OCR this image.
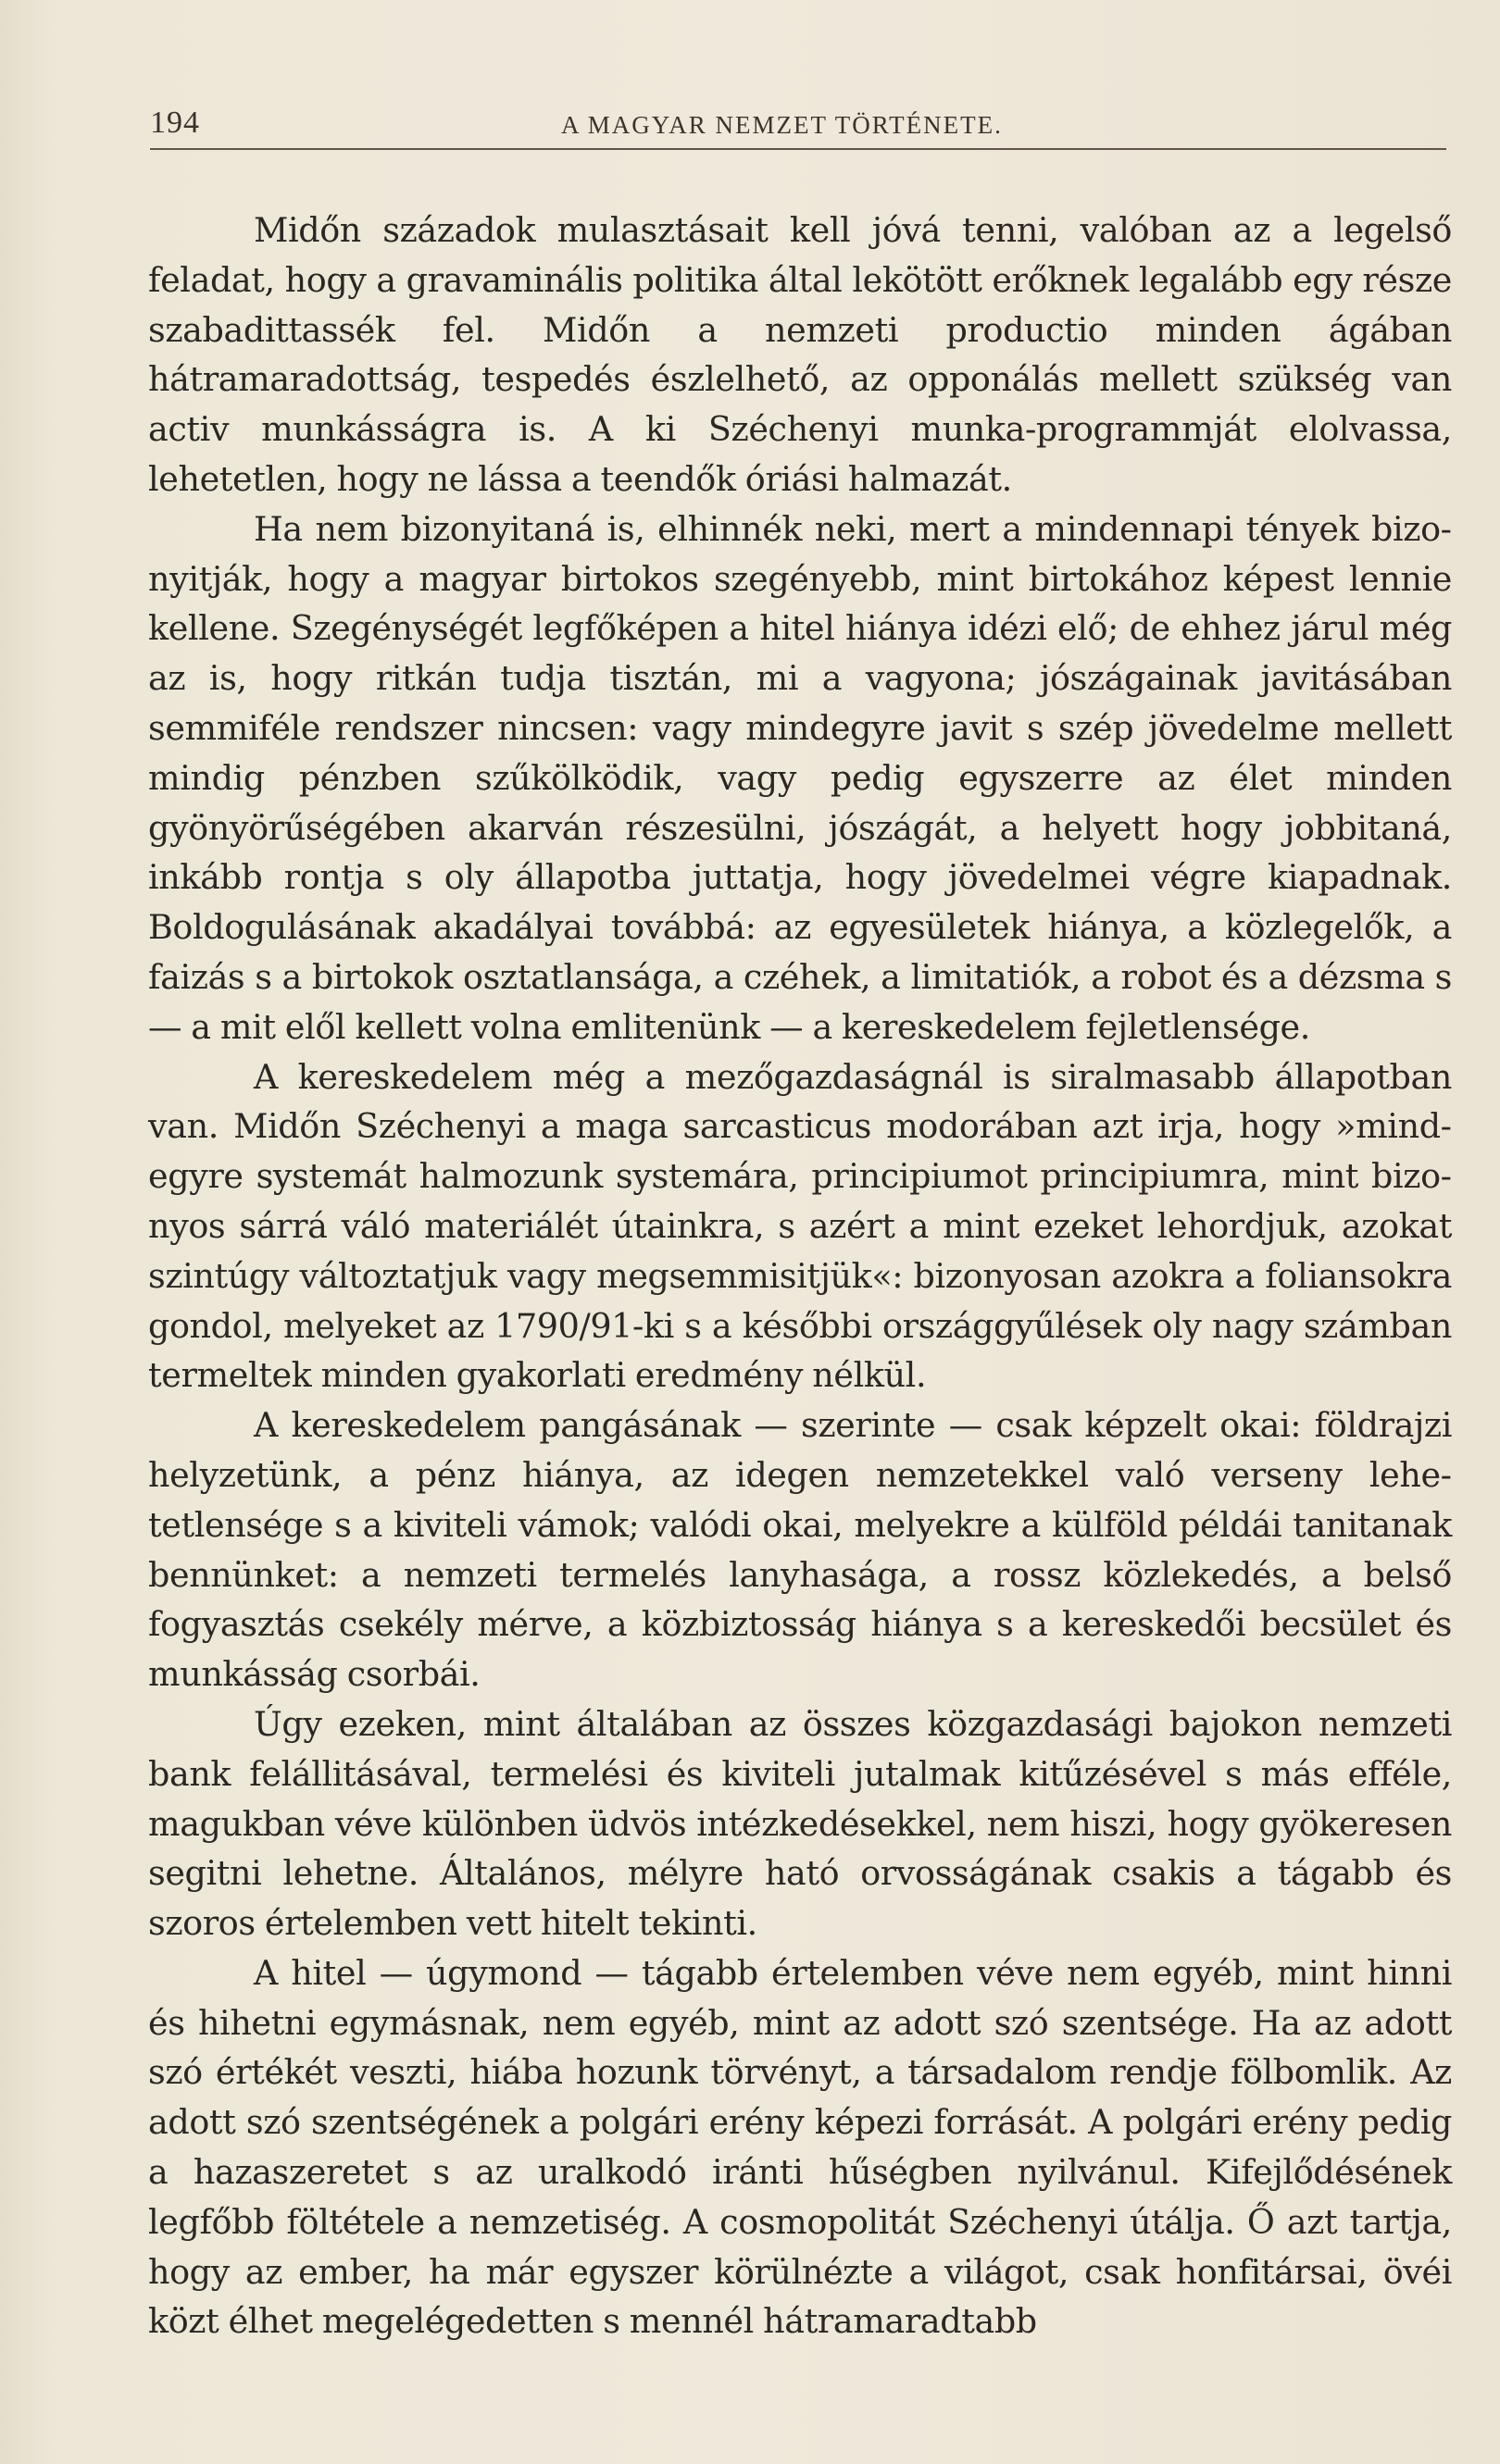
194	A MAGYAR NEMZET TÖRTÉNETE.

Midőn századok mulasztásait kell jóvá tenni, valóban az a legelső feladat, hogy a gravaminális politika által lekötött erőknek legalább egy része szabadittassék fel. Midőn a nemzeti productio minden ágában hátramaradottság, tespedés észlelhető, az opponálás mellett szükség van activ munkásságra is. A ki Széchenyi munka-programmját elolvassa, lehetetlen, hogy ne lássa a teendők óriási halmazát.

Ha nem bizonyitaná is, elhinnék neki, mert a mindennapi tények bizonyitják, hogy a magyar birtokos szegényebb, mint birtokához képest lennie kellene. Szegénységét legfőképen a hitel hiánya idézi elő; de ehhez járul még az is, hogy ritkán tudja tisztán, mi a vagyona; jószágainak javitásában semmiféle rendszer nincsen: vagy mindegyre javit s szép jövedelme mellett mindig pénzben szűkölködik, vagy pedig egyszerre az élet minden gyönyörűségében akarván részesülni, jószágát, a helyett hogy jobbitaná, inkább rontja s oly állapotba juttatja, hogy jövedelmei végre kiapadnak. Boldogulásának akadályai továbbá: az egyesületek hiánya, a közlegelők, a faizás s a birtokok osztatlansága, a czéhek, a limitatiók, a robot és a dézsma s — a mit elől kellett volna emlitenünk — a kereskedelem fejletlensége.

A kereskedelem még a mezőgazdaságnál is siralmasabb állapotban van. Midőn Széchenyi a maga sarcasticus modorában azt irja, hogy »mindegyre systemát halmozunk systemára, principiumot principiumra, mint bizonyos sárrá váló materiálét útainkra, s azért a mint ezeket lehordjuk, azokat szintúgy változtatjuk vagy megsemmisitjük«: bizonyosan azokra a foliansokra gondol, melyeket az 1790/91-ki s a későbbi országgyűlések oly nagy számban termeltek minden gyakorlati eredmény nélkül.

A kereskedelem pangásának — szerinte — csak képzelt okai: földrajzi helyzetünk, a pénz hiánya, az idegen nemzetekkel való verseny lehetetlensége s a kiviteli vámok; valódi okai, melyekre a külföld példái tanitanak bennünket: a nemzeti termelés lanyhasága, a rossz közlekedés, a belső fogyasztás csekély mérve, a közbiztosság hiánya s a kereskedői becsület és munkásság csorbái.

Úgy ezeken, mint általában az összes közgazdasági bajokon nemzeti bank felállitásával, termelési és kiviteli jutalmak kitűzésével s más efféle, magukban véve különben üdvös intézkedésekkel, nem hiszi, hogy gyökeresen segitni lehetne. Általános, mélyre ható orvosságának csakis a tágabb és szoros értelemben vett hitelt tekinti.

A hitel — úgymond — tágabb értelemben véve nem egyéb, mint hinni és hihetni egymásnak, nem egyéb, mint az adott szó szentsége. Ha az adott szó értékét veszti, hiába hozunk törvényt, a társadalom rendje fölbomlik. Az adott szó szentségének a polgári erény képezi forrását. A polgári erény pedig a hazaszeretet s az uralkodó iránti hűségben nyilvánul. Kifejlődésének legfőbb föltétele a nemzetiség. A cosmopolitát Széchenyi útálja. Ő azt tartja, hogy az ember, ha már egyszer körülnézte a világot, csak honfitársai, övéi közt élhet megelégedetten s mennél hátramaradtabb
